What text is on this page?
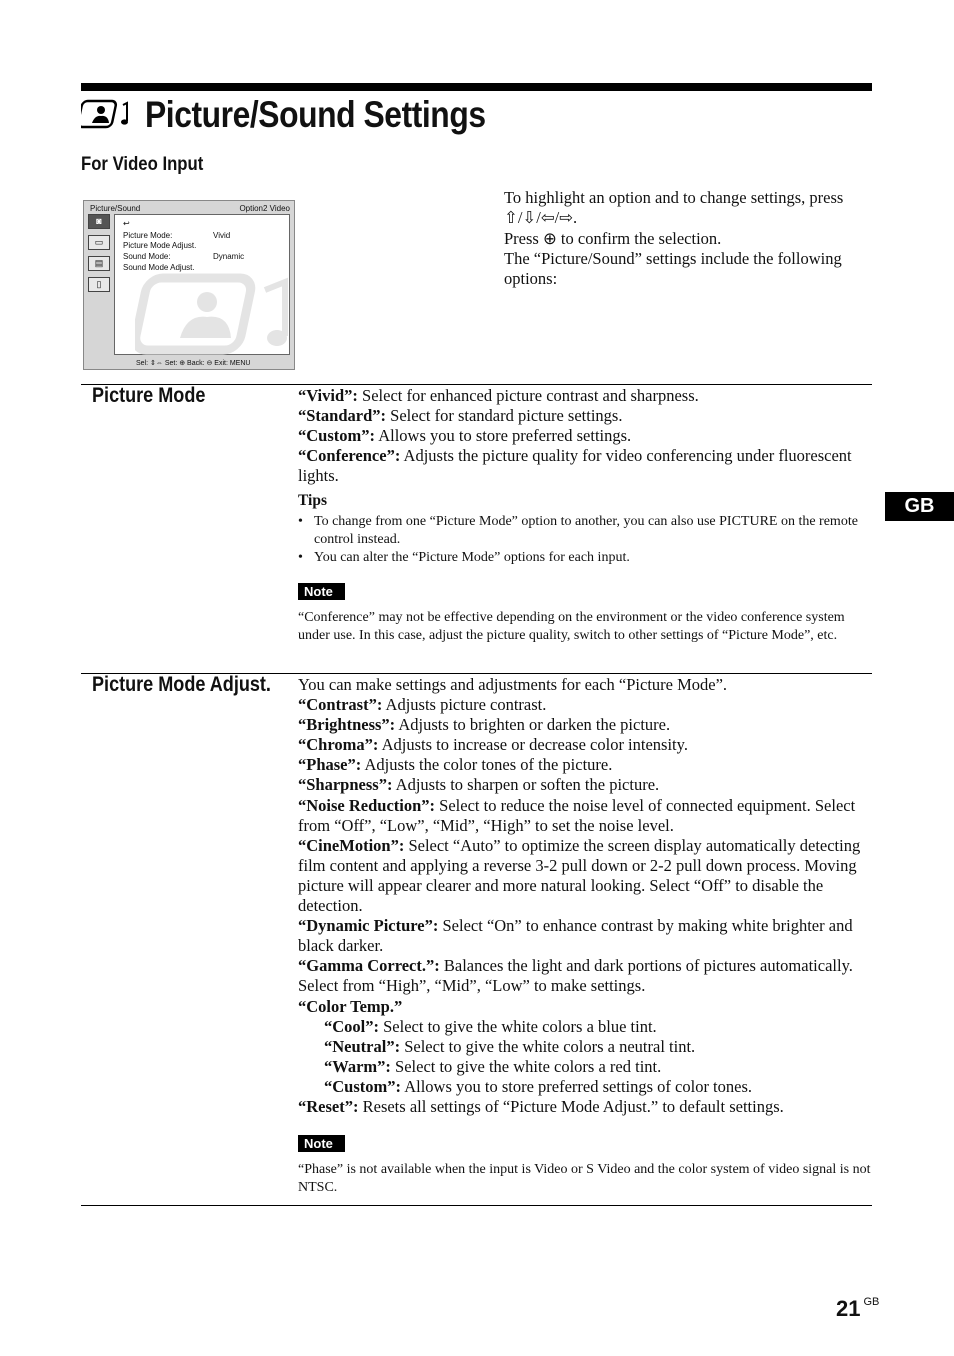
Picture/Sound Settings
For Video Input
Picture/Sound	Option2 Video
◙
▭
▤
▯
↩
Picture Mode:	Vivid
Picture Mode Adjust.
Sound Mode:	Dynamic
Sound Mode Adjust.
Sel: ⇕⇔ Set: ⊕ Back: ⊖ Exit: MENU
To highlight an option and to change settings, press
⇧/⇩/⇦/⇨.
Press ⊕ to confirm the selection.
The “Picture/Sound” settings include the following options:
Picture Mode	“Vivid”: Select for enhanced picture contrast and sharpness.
“Standard”: Select for standard picture settings.
“Custom”: Allows you to store preferred settings.
“Conference”: Adjusts the picture quality for video conferencing under fluorescent lights.
Tips
• To change from one “Picture Mode” option to another, you can also use PICTURE on the remote control instead.
• You can alter the “Picture Mode” options for each input.
Note
“Conference” may not be effective depending on the environment or the video conference system under use. In this case, adjust the picture quality, switch to other settings of “Picture Mode”, etc.
Picture Mode Adjust. You can make settings and adjustments for each “Picture Mode”.
“Contrast”: Adjusts picture contrast.
“Brightness”: Adjusts to brighten or darken the picture.
“Chroma”: Adjusts to increase or decrease color intensity.
“Phase”: Adjusts the color tones of the picture.
“Sharpness”: Adjusts to sharpen or soften the picture.
“Noise Reduction”: Select to reduce the noise level of connected equipment. Select from “Off”, “Low”, “Mid”, “High” to set the noise level.
“CineMotion”: Select “Auto” to optimize the screen display automatically detecting film content and applying a reverse 3-2 pull down or 2-2 pull down process. Moving picture will appear clearer and more natural looking. Select “Off” to disable the detection.
“Dynamic Picture”: Select “On” to enhance contrast by making white brighter and black darker.
“Gamma Correct.”: Balances the light and dark portions of pictures automatically. Select from “High”, “Mid”, “Low” to make settings.
“Color Temp.”
“Cool”: Select to give the white colors a blue tint.
“Neutral”: Select to give the white colors a neutral tint.
“Warm”: Select to give the white colors a red tint.
“Custom”: Allows you to store preferred settings of color tones.
“Reset”: Resets all settings of “Picture Mode Adjust.” to default settings.
Note
“Phase” is not available when the input is Video or S Video and the color system of video signal is not NTSC.
GB
21 $^{GB}$
